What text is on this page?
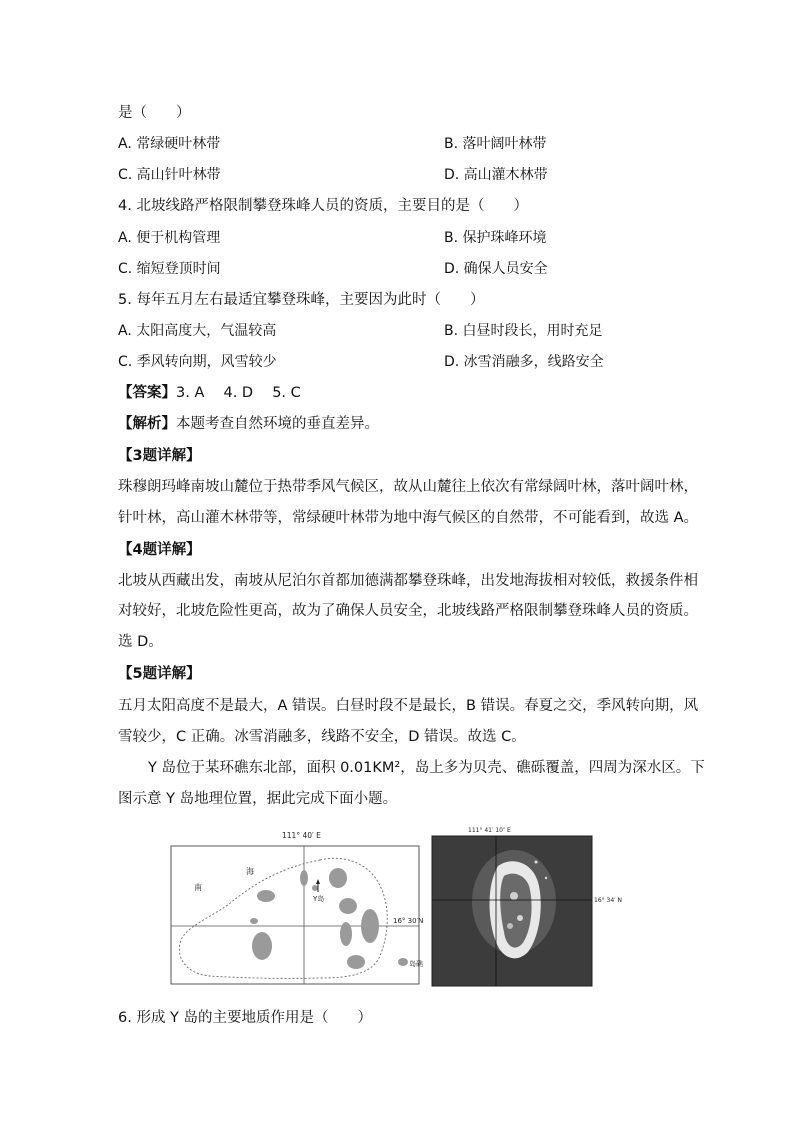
是（　　）
A. 常绿硬叶林带	B. 落叶阔叶林带
C. 高山针叶林带	D. 高山灌木林带
4. 北坡线路严格限制攀登珠峰人员的资质，主要目的是（　　）
A. 便于机构管理	B. 保护珠峰环境
C. 缩短登顶时间	D. 确保人员安全
5. 每年五月左右最适宜攀登珠峰，主要因为此时（　　）
A. 太阳高度大，气温较高	B. 白昼时段长，用时充足
C. 季风转向期，风雪较少	D. 冰雪消融多，线路安全
【答案】3. A　 4. D　 5. C
【解析】本题考查自然环境的垂直差异。
【3题详解】
珠穆朗玛峰南坡山麓位于热带季风气候区，故从山麓往上依次有常绿阔叶林，落叶阔叶林，
针叶林，高山灌木林带等，常绿硬叶林带为地中海气候区的自然带，不可能看到，故选 A。
【4题详解】
北坡从西藏出发，南坡从尼泊尔首都加德满都攀登珠峰，出发地海拔相对较低，救援条件相
对较好，北坡危险性更高，故为了确保人员安全，北坡线路严格限制攀登珠峰人员的资质。
选 D。
【5题详解】
五月太阳高度不是最大，A 错误。白昼时段不是最长，B 错误。春夏之交，季风转向期，风
雪较少，C 正确。冰雪消融多，线路不安全，D 错误。故选 C。
Y 岛位于某环礁东北部，面积 0.01KM²，岛上多为贝壳、礁砾覆盖，四周为深水区。下
图示意 Y 岛地理位置，据此完成下面小题。
111° 40′ E
Y岛
南
海
16° 30′N
岛礁
111° 41′ 10″ E
16° 34′ N
6. 形成 Y 岛的主要地质作用是（　　）
